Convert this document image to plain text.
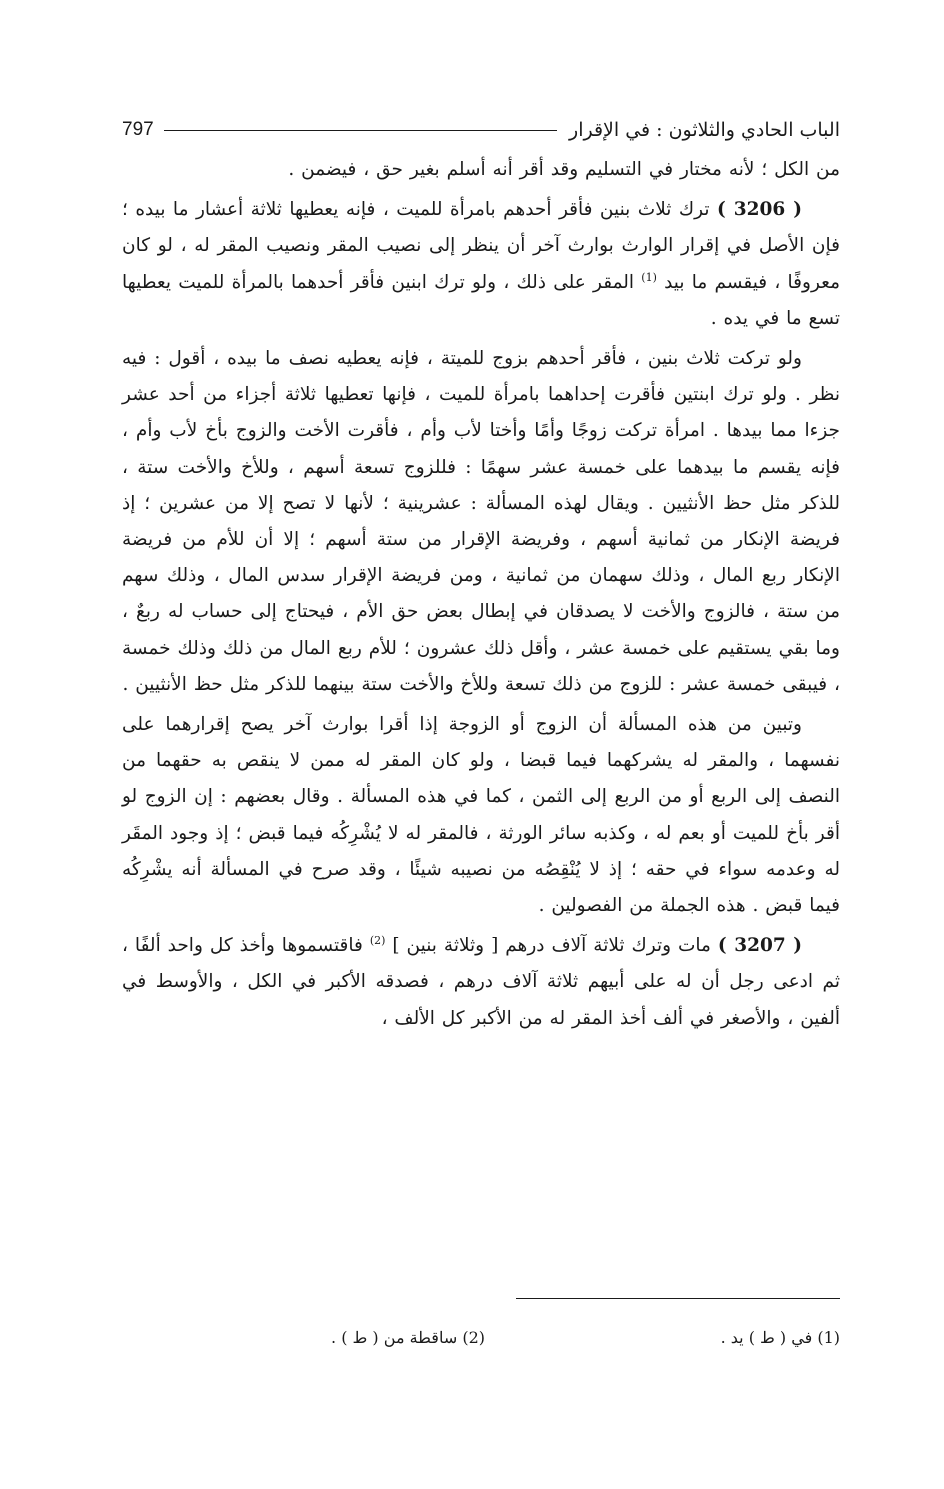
الباب الحادي والثلاثون : في الإقرار
797

من الكل ؛ لأنه مختار في التسليم وقد أقر أنه أسلم بغير حق ، فيضمن .

( 3206 ) ترك ثلاث بنين فأقر أحدهم بامرأة للميت ، فإنه يعطيها ثلاثة أعشار ما بيده ؛ فإن الأصل في إقرار الوارث بوارث آخر أن ينظر إلى نصيب المقر ونصيب المقر له ، لو كان معروفًا ، فيقسم ما بيد $^{(1)}$ المقر على ذلك ، ولو ترك ابنين فأقر أحدهما بالمرأة للميت يعطيها تسع ما في يده .

ولو تركت ثلاث بنين ، فأقر أحدهم بزوج للميتة ، فإنه يعطيه نصف ما بيده ، أقول : فيه نظر . ولو ترك ابنتين فأقرت إحداهما بامرأة للميت ، فإنها تعطيها ثلاثة أجزاء من أحد عشر جزءا مما بيدها . امرأة تركت زوجًا وأمًا وأختا لأب وأم ، فأقرت الأخت والزوج بأخ لأب وأم ، فإنه يقسم ما بيدهما على خمسة عشر سهمًا : فللزوج تسعة أسهم ، وللأخ والأخت ستة ، للذكر مثل حظ الأنثيين . ويقال لهذه المسألة : عشرينية ؛ لأنها لا تصح إلا من عشرين ؛ إذ فريضة الإنكار من ثمانية أسهم ، وفريضة الإقرار من ستة أسهم ؛ إلا أن للأم من فريضة الإنكار ربع المال ، وذلك سهمان من ثمانية ، ومن فريضة الإقرار سدس المال ، وذلك سهم من ستة ، فالزوج والأخت لا يصدقان في إبطال بعض حق الأم ، فيحتاج إلى حساب له ربعٌ ، وما بقي يستقيم على خمسة عشر ، وأقل ذلك عشرون ؛ للأم ربع المال من ذلك وذلك خمسة ، فيبقى خمسة عشر : للزوج من ذلك تسعة وللأخ والأخت ستة بينهما للذكر مثل حظ الأنثيين .

وتبين من هذه المسألة أن الزوج أو الزوجة إذا أقرا بوارث آخر يصح إقرارهما على نفسهما ، والمقر له يشركهما فيما قبضا ، ولو كان المقر له ممن لا ينقص به حقهما من النصف إلى الربع أو من الربع إلى الثمن ، كما في هذه المسألة . وقال بعضهم : إن الزوج لو أقر بأخ للميت أو بعم له ، وكذبه سائر الورثة ، فالمقر له لا يُشْرِكُه فيما قبض ؛ إذ وجود المقَر له وعدمه سواء في حقه ؛ إذ لا يُنْقِصُه من نصيبه شيئًا ، وقد صرح في المسألة أنه يشْرِكُه فيما قبض . هذه الجملة من الفصولين .

( 3207 ) مات وترك ثلاثة آلاف درهم [ وثلاثة بنين ] $^{(2)}$ فاقتسموها وأخذ كل واحد ألفًا ، ثم ادعى رجل أن له على أبيهم ثلاثة آلاف درهم ، فصدقه الأكبر في الكل ، والأوسط في ألفين ، والأصغر في ألف أخذ المقر له من الأكبر كل الألف ،

(1) في ( ط ) يد .
(2) ساقطة من ( ط ) .
